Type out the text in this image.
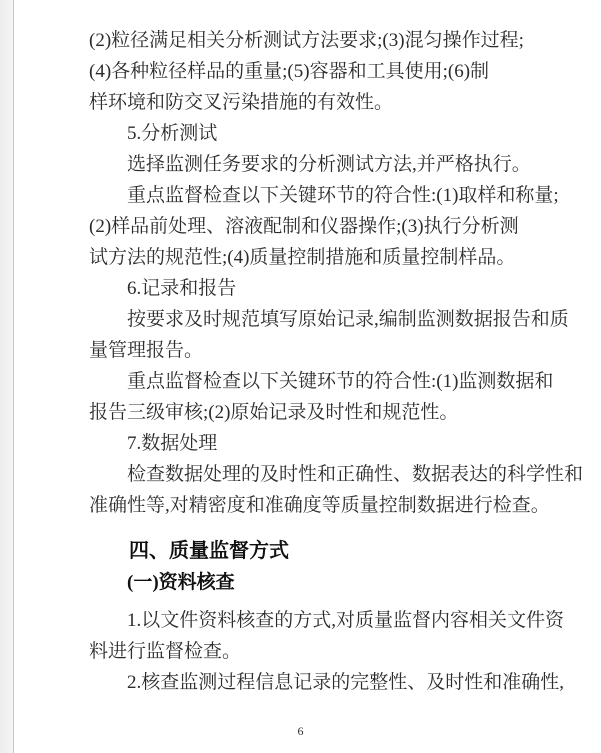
(2)粒径满足相关分析测试方法要求;(3)混匀操作过程;
(4)各种粒径样品的重量;(5)容器和工具使用;(6)制
样环境和防交叉污染措施的有效性。
5.分析测试
选择监测任务要求的分析测试方法,并严格执行。
重点监督检查以下关键环节的符合性:(1)取样和称量;
(2)样品前处理、溶液配制和仪器操作;(3)执行分析测
试方法的规范性;(4)质量控制措施和质量控制样品。
6.记录和报告
按要求及时规范填写原始记录,编制监测数据报告和质
量管理报告。
重点监督检查以下关键环节的符合性:(1)监测数据和
报告三级审核;(2)原始记录及时性和规范性。
7.数据处理
检查数据处理的及时性和正确性、数据表达的科学性和
准确性等,对精密度和准确度等质量控制数据进行检查。
四、质量监督方式
(一)资料核查
1.以文件资料核查的方式,对质量监督内容相关文件资
料进行监督检查。
2.核查监测过程信息记录的完整性、及时性和准确性,
6
